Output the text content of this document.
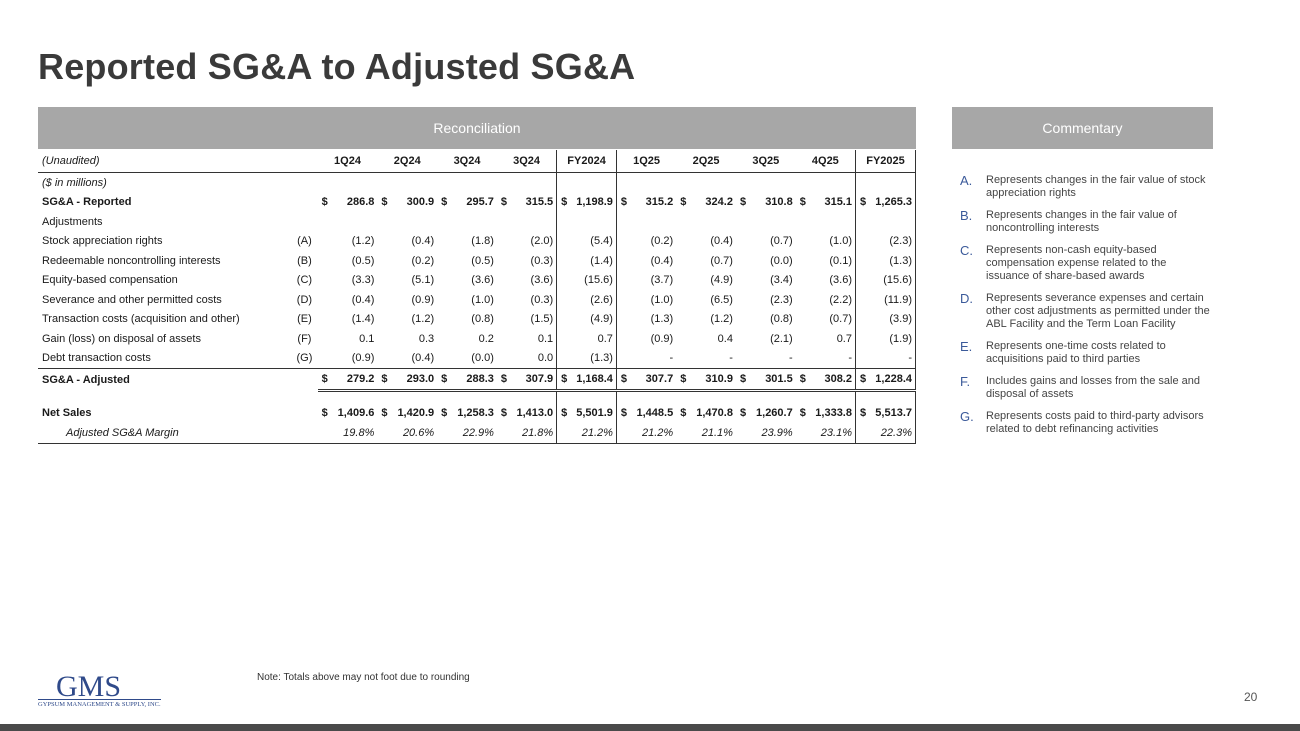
Reported SG&A to Adjusted SG&A
Reconciliation	Commentary
(Unaudited)		1Q24		2Q24		3Q24		3Q24		FY2024		1Q25		2Q25		3Q25		4Q25		FY2025	
($ in millions)																					
SG&A - Reported		$	286.8	$	300.9	$	295.7	$	315.5	$	1,198.9	$	315.2	$	324.2	$	310.8	$	315.1	$	1,265.3
Adjustments																					
Stock appreciation rights	(A)		(1.2)		(0.4)		(1.8)		(2.0)		(5.4)		(0.2)		(0.4)		(0.7)		(1.0)		(2.3)
Redeemable noncontrolling interests	(B)		(0.5)		(0.2)		(0.5)		(0.3)		(1.4)		(0.4)		(0.7)		(0.0)		(0.1)		(1.3)
Equity-based compensation	(C)		(3.3)		(5.1)		(3.6)		(3.6)		(15.6)		(3.7)		(4.9)		(3.4)		(3.6)		(15.6)
Severance and other permitted costs	(D)		(0.4)		(0.9)		(1.0)		(0.3)		(2.6)		(1.0)		(6.5)		(2.3)		(2.2)		(11.9)
Transaction costs (acquisition and other)	(E)		(1.4)		(1.2)		(0.8)		(1.5)		(4.9)		(1.3)		(1.2)		(0.8)		(0.7)		(3.9)
Gain (loss) on disposal of assets	(F)		0.1		0.3		0.2		0.1		0.7		(0.9)		0.4		(2.1)		0.7		(1.9)
Debt transaction costs	(G)		(0.9)		(0.4)		(0.0)		0.0		(1.3)		-		-		-		-		-
SG&A - Adjusted		$	279.2	$	293.0	$	288.3	$	307.9	$	1,168.4	$	307.7	$	310.9	$	301.5	$	308.2	$	1,228.4

Net Sales		$	1,409.6	$	1,420.9	$	1,258.3	$	1,413.0	$	5,501.9	$	1,448.5	$	1,470.8	$	1,260.7	$	1,333.8	$	5,513.7
Adjusted SG&A Margin			19.8%		20.6%		22.9%		21.8%		21.2%		21.2%		21.1%		23.9%		23.1%		22.3%
A.	Represents changes in the fair value of stock appreciation rights
B.	Represents changes in the fair value of noncontrolling interests
C.	Represents non-cash equity-based compensation expense related to the issuance of share-based awards
D.	Represents severance expenses and certain other cost adjustments as permitted under the ABL Facility and the Term Loan Facility
E.	Represents one-time costs related to acquisitions paid to third parties
F.	Includes gains and losses from the sale and disposal of assets
G.	Represents costs paid to third-party advisors related to debt refinancing activities
GMS
GYPSUM MANAGEMENT & SUPPLY, INC.
Note: Totals above may not foot due to rounding
20
